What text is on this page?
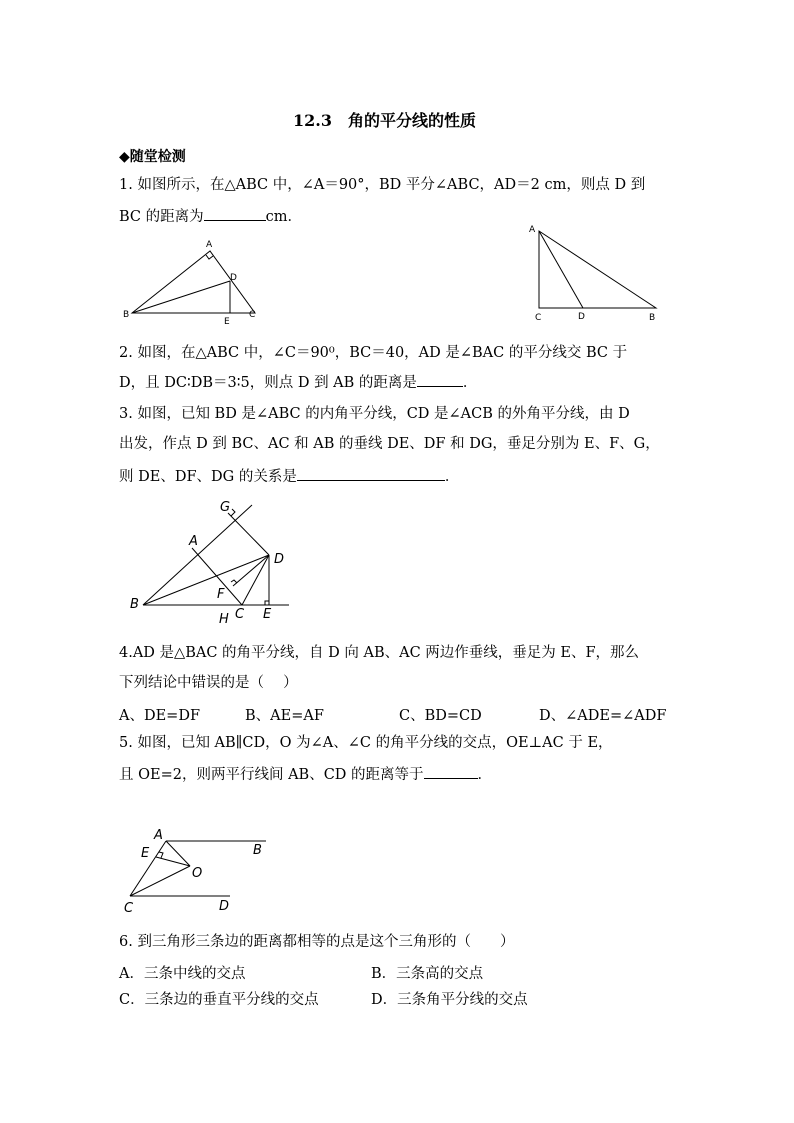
12.3　角的平分线的性质
◆随堂检测
1. 如图所示，在△ABC 中，∠A＝90°，BD 平分∠ABC，AD＝2 cm，则点 D 到
BC 的距离为	cm．
A
B	C
D
E
A
C	D	B
2. 如图，在△ABC 中，∠C＝90⁰，BC＝40，AD 是∠BAC 的平分线交 BC 于
D，且 DC∶DB＝3∶5，则点 D 到 AB 的距离是	．
3. 如图，已知 BD 是∠ABC 的内角平分线，CD 是∠ACB 的外角平分线，由 D
出发，作点 D 到 BC、AC 和 AB 的垂线 DE、DF 和 DG，垂足分别为 E、F、G，
则 DE、DF、DG 的关系是	．
G
A
D
F
B
C E
H
4.AD 是△BAC 的角平分线，自 D 向 AB、AC 两边作垂线，垂足为 E、F，那么
下列结论中错误的是（　 ）
A、DE=DF	B、AE=AF	C、BD=CD	D、∠ADE=∠ADF
5. 如图，已知 AB∥CD，O 为∠A、∠C 的角平分线的交点，OE⊥AC 于 E，
且 OE=2，则两平行线间 AB、CD 的距离等于	．
A
B
E
O
C	D
6. 到三角形三条边的距离都相等的点是这个三角形的（　　）
A．三条中线的交点	B．三条高的交点
C．三条边的垂直平分线的交点	D．三条角平分线的交点
